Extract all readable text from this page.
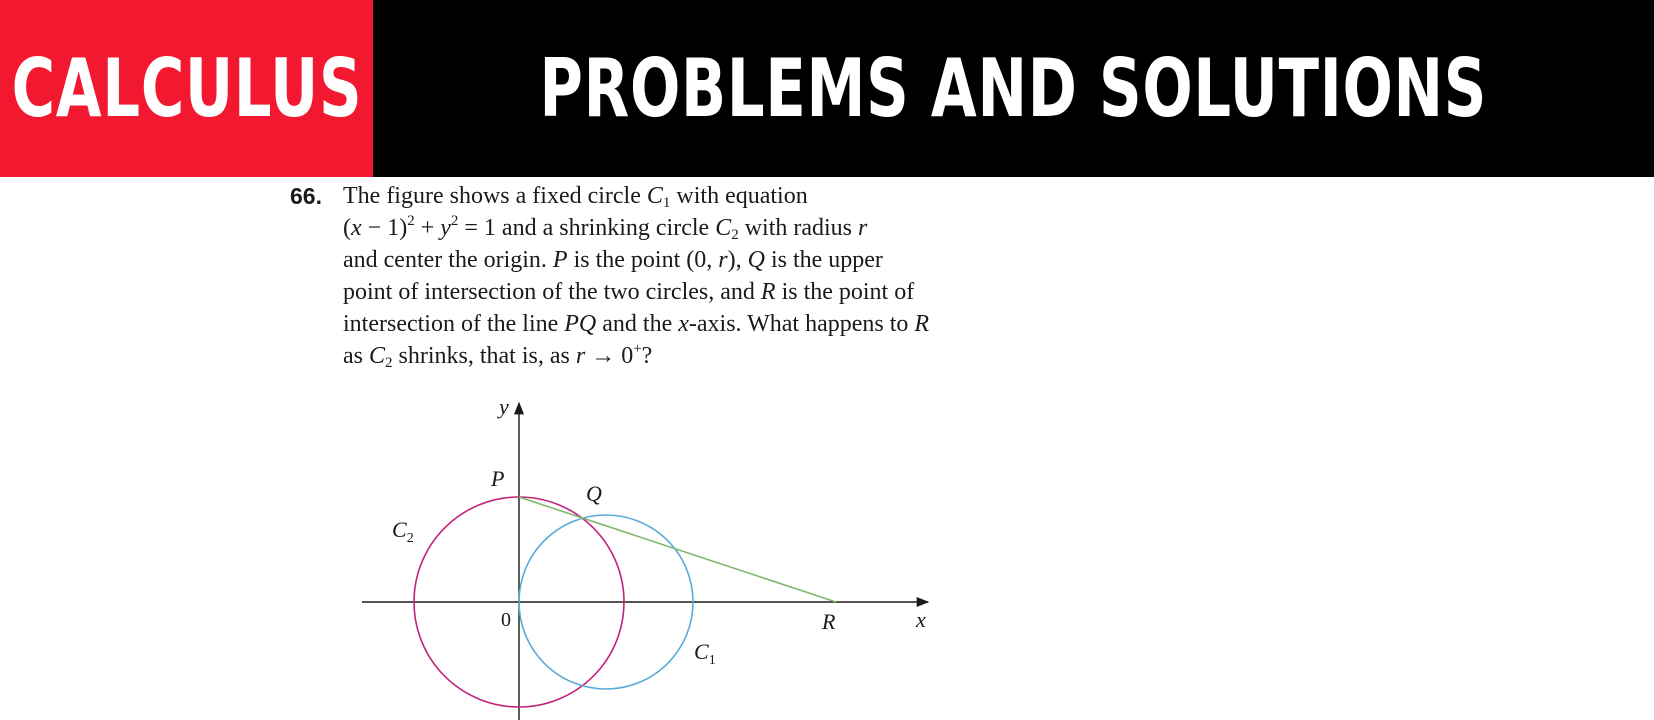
CALCULUS PROBLEMS AND SOLUTIONS
66. The figure shows a fixed circle $C_1$ with equation
$(x - 1)^2 + y^2 = 1$ and a shrinking circle $C_2$ with radius r
and center the origin. P is the point (0, r), Q is the upper
point of intersection of the two circles, and R is the point of
intersection of the line PQ and the x-axis. What happens to R
as $C_2$ shrinks, that is, as r → 0+?
y
x
0
P
Q
R
$C_2$
$C_1$
